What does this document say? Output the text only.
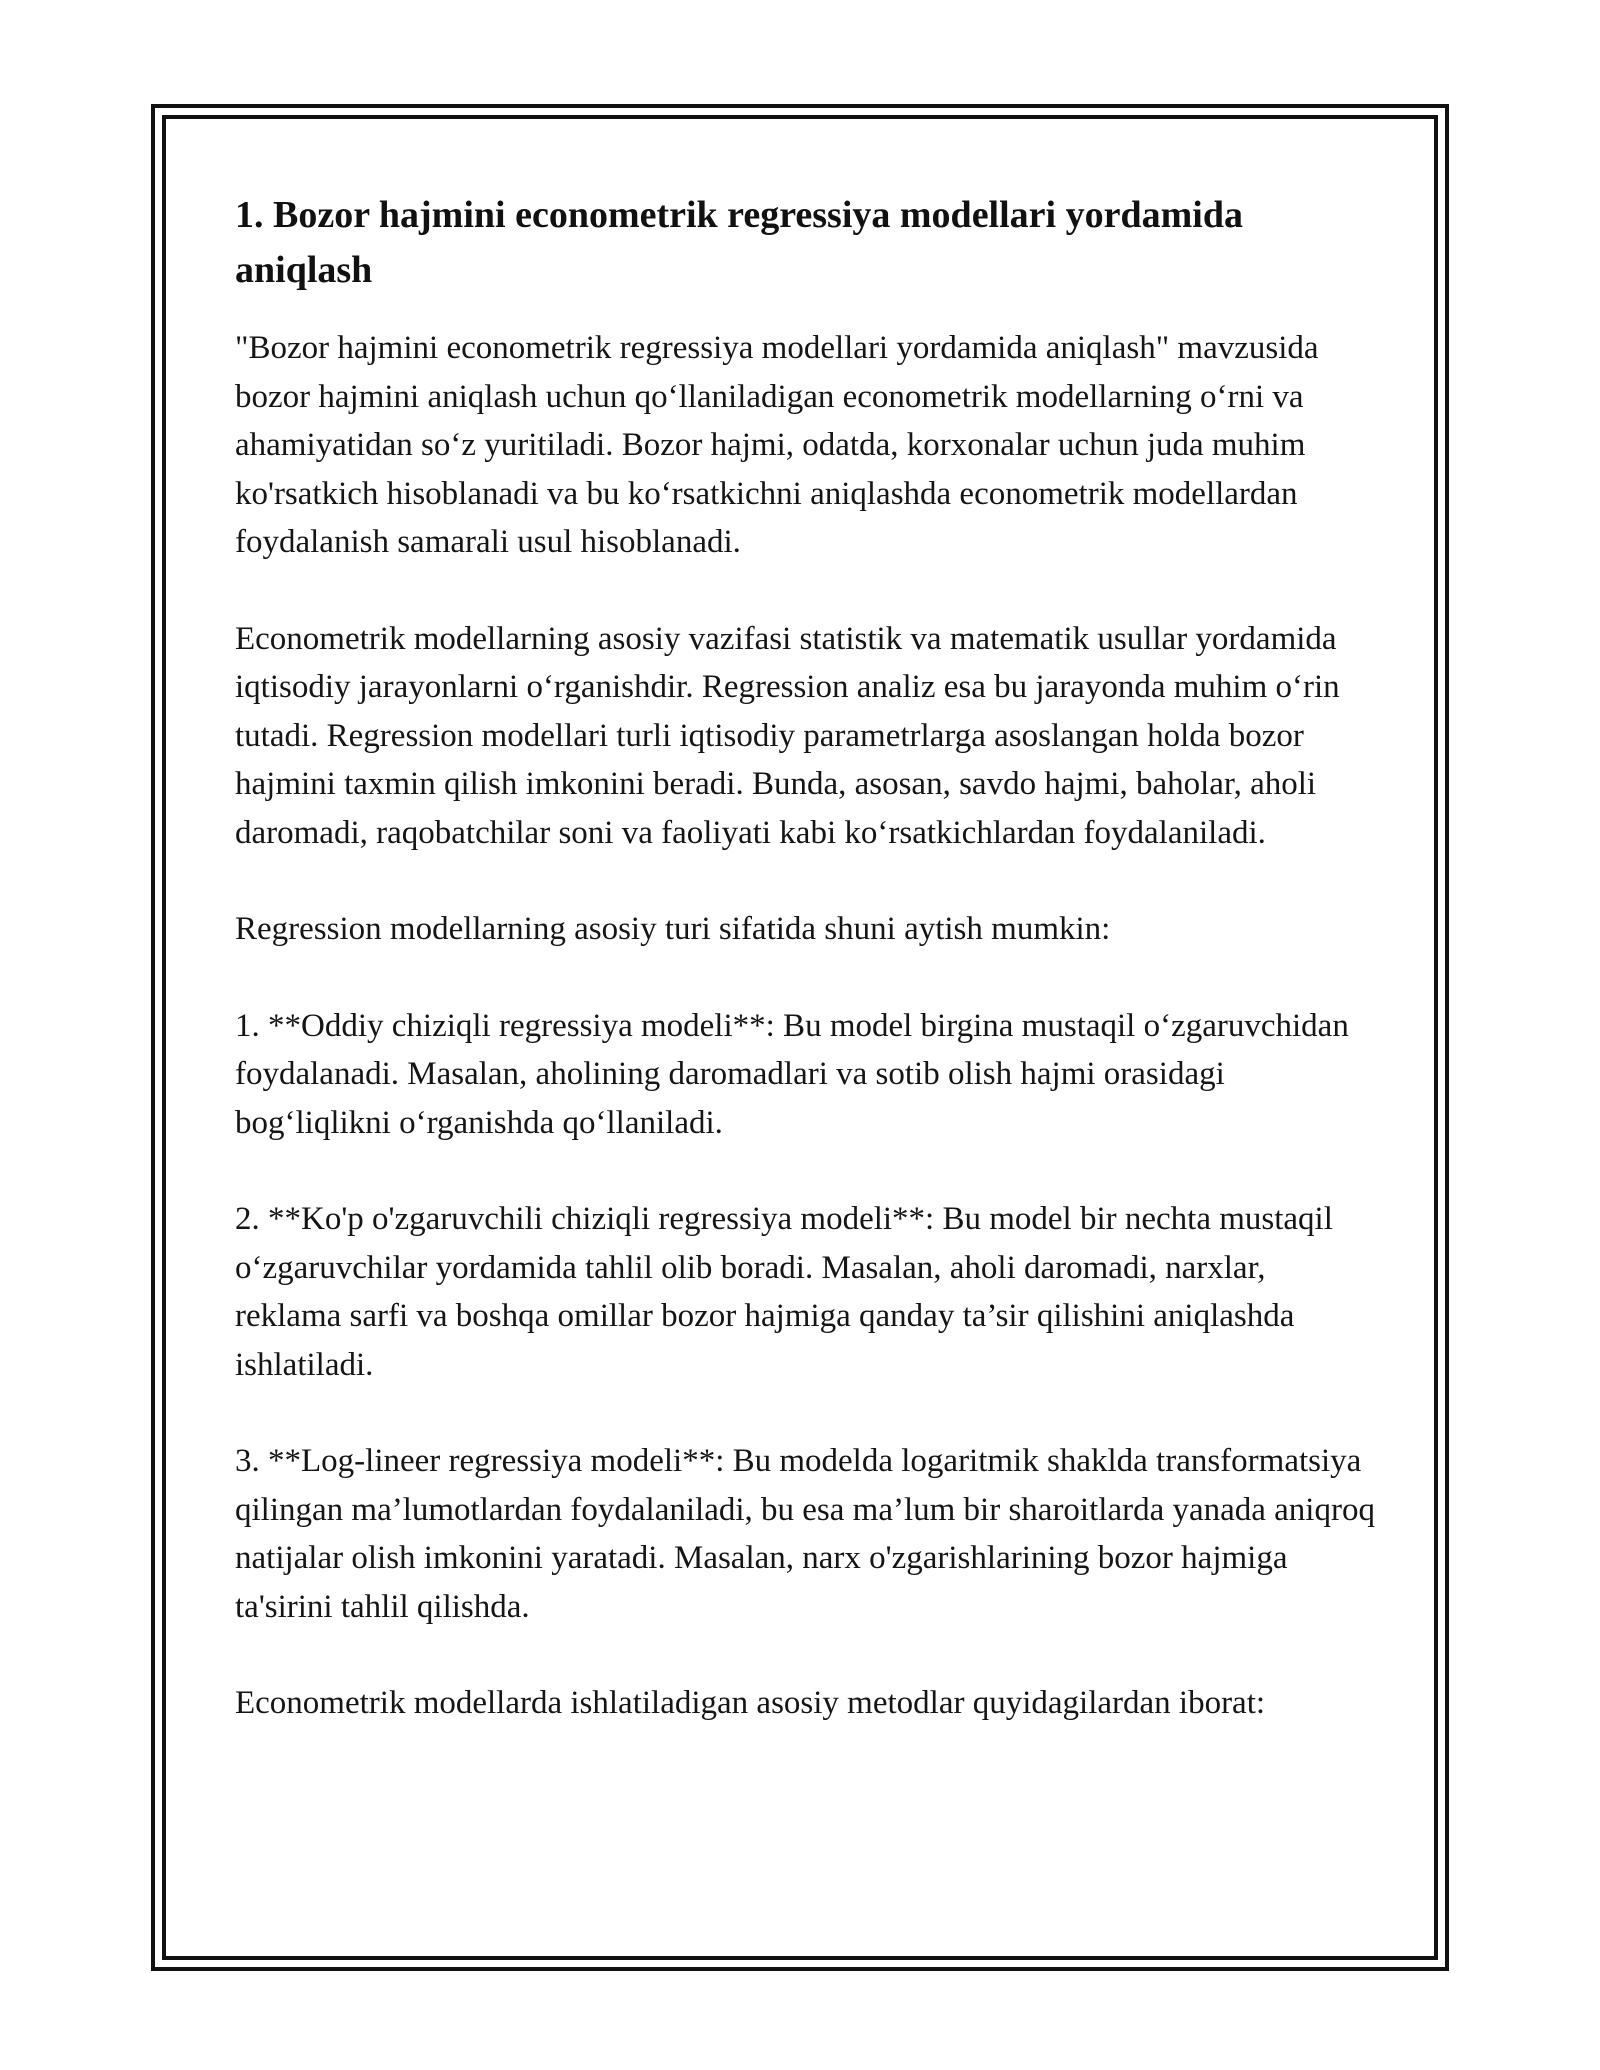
1. Bozor hajmini econometrik regressiya modellari yordamida aniqlash

"Bozor hajmini econometrik regressiya modellari yordamida aniqlash" mavzusida bozor hajmini aniqlash uchun qo‘llaniladigan econometrik modellarning o‘rni va ahamiyatidan so‘z yuritiladi. Bozor hajmi, odatda, korxonalar uchun juda muhim ko'rsatkich hisoblanadi va bu ko‘rsatkichni aniqlashda econometrik modellardan foydalanish samarali usul hisoblanadi.

Econometrik modellarning asosiy vazifasi statistik va matematik usullar yordamida iqtisodiy jarayonlarni o‘rganishdir. Regression analiz esa bu jarayonda muhim o‘rin tutadi. Regression modellari turli iqtisodiy parametrlarga asoslangan holda bozor hajmini taxmin qilish imkonini beradi. Bunda, asosan, savdo hajmi, baholar, aholi daromadi, raqobatchilar soni va faoliyati kabi ko‘rsatkichlardan foydalaniladi.

Regression modellarning asosiy turi sifatida shuni aytish mumkin:

1. **Oddiy chiziqli regressiya modeli**: Bu model birgina mustaqil o‘zgaruvchidan foydalanadi. Masalan, aholining daromadlari va sotib olish hajmi orasidagi bog‘liqlikni o‘rganishda qo‘llaniladi.

2. **Ko'p o'zgaruvchili chiziqli regressiya modeli**: Bu model bir nechta mustaqil o‘zgaruvchilar yordamida tahlil olib boradi. Masalan, aholi daromadi, narxlar, reklama sarfi va boshqa omillar bozor hajmiga qanday ta’sir qilishini aniqlashda ishlatiladi.

3. **Log-lineer regressiya modeli**: Bu modelda logaritmik shaklda transformatsiya qilingan ma’lumotlardan foydalaniladi, bu esa ma’lum bir sharoitlarda yanada aniqroq natijalar olish imkonini yaratadi. Masalan, narx o'zgarishlarining bozor hajmiga ta'sirini tahlil qilishda.

Econometrik modellarda ishlatiladigan asosiy metodlar quyidagilardan iborat:
